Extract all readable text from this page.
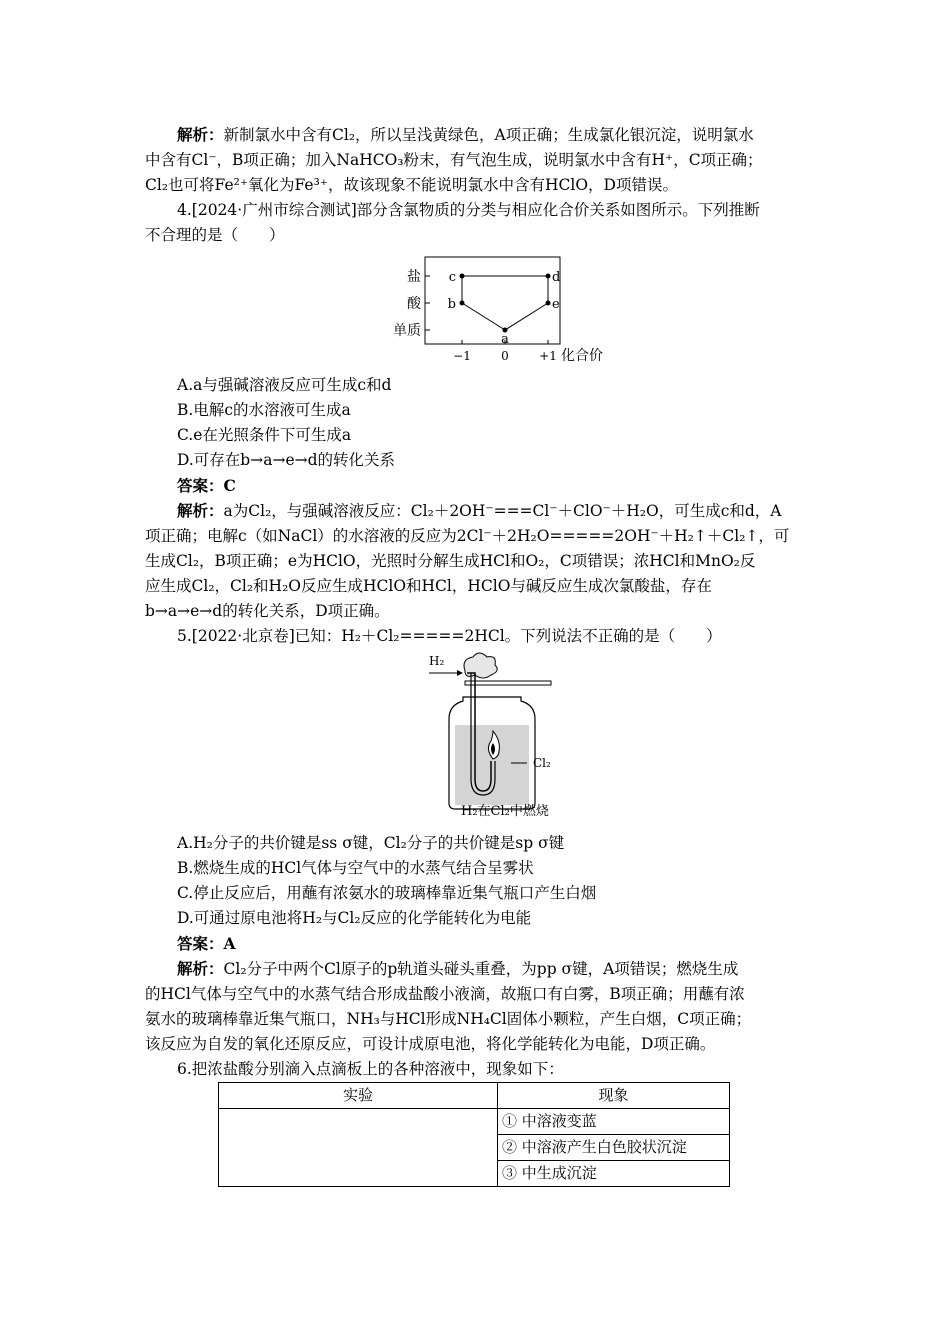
解析：新制氯水中含有Cl₂，所以呈浅黄绿色，A项正确；生成氯化银沉淀，说明氯水

中含有Cl⁻，B项正确；加入NaHCO₃粉末，有气泡生成，说明氯水中含有H⁺，C项正确；

Cl₂也可将Fe²⁺氧化为Fe³⁺，故该现象不能说明氯水中含有HClO，D项错误。

4.[2024·广州市综合测试]部分含氯物质的分类与相应化合价关系如图所示。下列推断

不合理的是（　　）

单质
酸
盐
−1	0	+1
a
b
c	d
e
化合价

A.a与强碱溶液反应可生成c和d

B.电解c的水溶液可生成a

C.e在光照条件下可生成a

D.可存在b→a→e→d的转化关系

答案：C

解析：a为Cl₂，与强碱溶液反应：Cl₂＋2OH⁻===Cl⁻＋ClO⁻＋H₂O，可生成c和d，A

项正确；电解c（如NaCl）的水溶液的反应为2Cl⁻＋2H₂O=====2OH⁻＋H₂↑＋Cl₂↑，可

生成Cl₂，B项正确；e为HClO，光照时分解生成HCl和O₂，C项错误；浓HCl和MnO₂反

应生成Cl₂，Cl₂和H₂O反应生成HClO和HCl，HClO与碱反应生成次氯酸盐，存在

b→a→e→d的转化关系，D项正确。

5.[2022·北京卷]已知：H₂＋Cl₂=====2HCl。下列说法不正确的是（　　）

H₂
Cl₂
H₂在Cl₂中燃烧

A.H₂分子的共价键是ss σ键，Cl₂分子的共价键是sp σ键

B.燃烧生成的HCl气体与空气中的水蒸气结合呈雾状

C.停止反应后，用蘸有浓氨水的玻璃棒靠近集气瓶口产生白烟

D.可通过原电池将H₂与Cl₂反应的化学能转化为电能

答案：A

解析：Cl₂分子中两个Cl原子的p轨道头碰头重叠，为pp σ键，A项错误；燃烧生成

的HCl气体与空气中的水蒸气结合形成盐酸小液滴，故瓶口有白雾，B项正确；用蘸有浓

氨水的玻璃棒靠近集气瓶口，NH₃与HCl形成NH₄Cl固体小颗粒，产生白烟，C项正确；

该反应为自发的氧化还原反应，可设计成原电池，将化学能转化为电能，D项正确。

6.把浓盐酸分别滴入点滴板上的各种溶液中，现象如下：

实验	现象
	① 中溶液变蓝
	② 中溶液产生白色胶状沉淀
	③ 中生成沉淀
